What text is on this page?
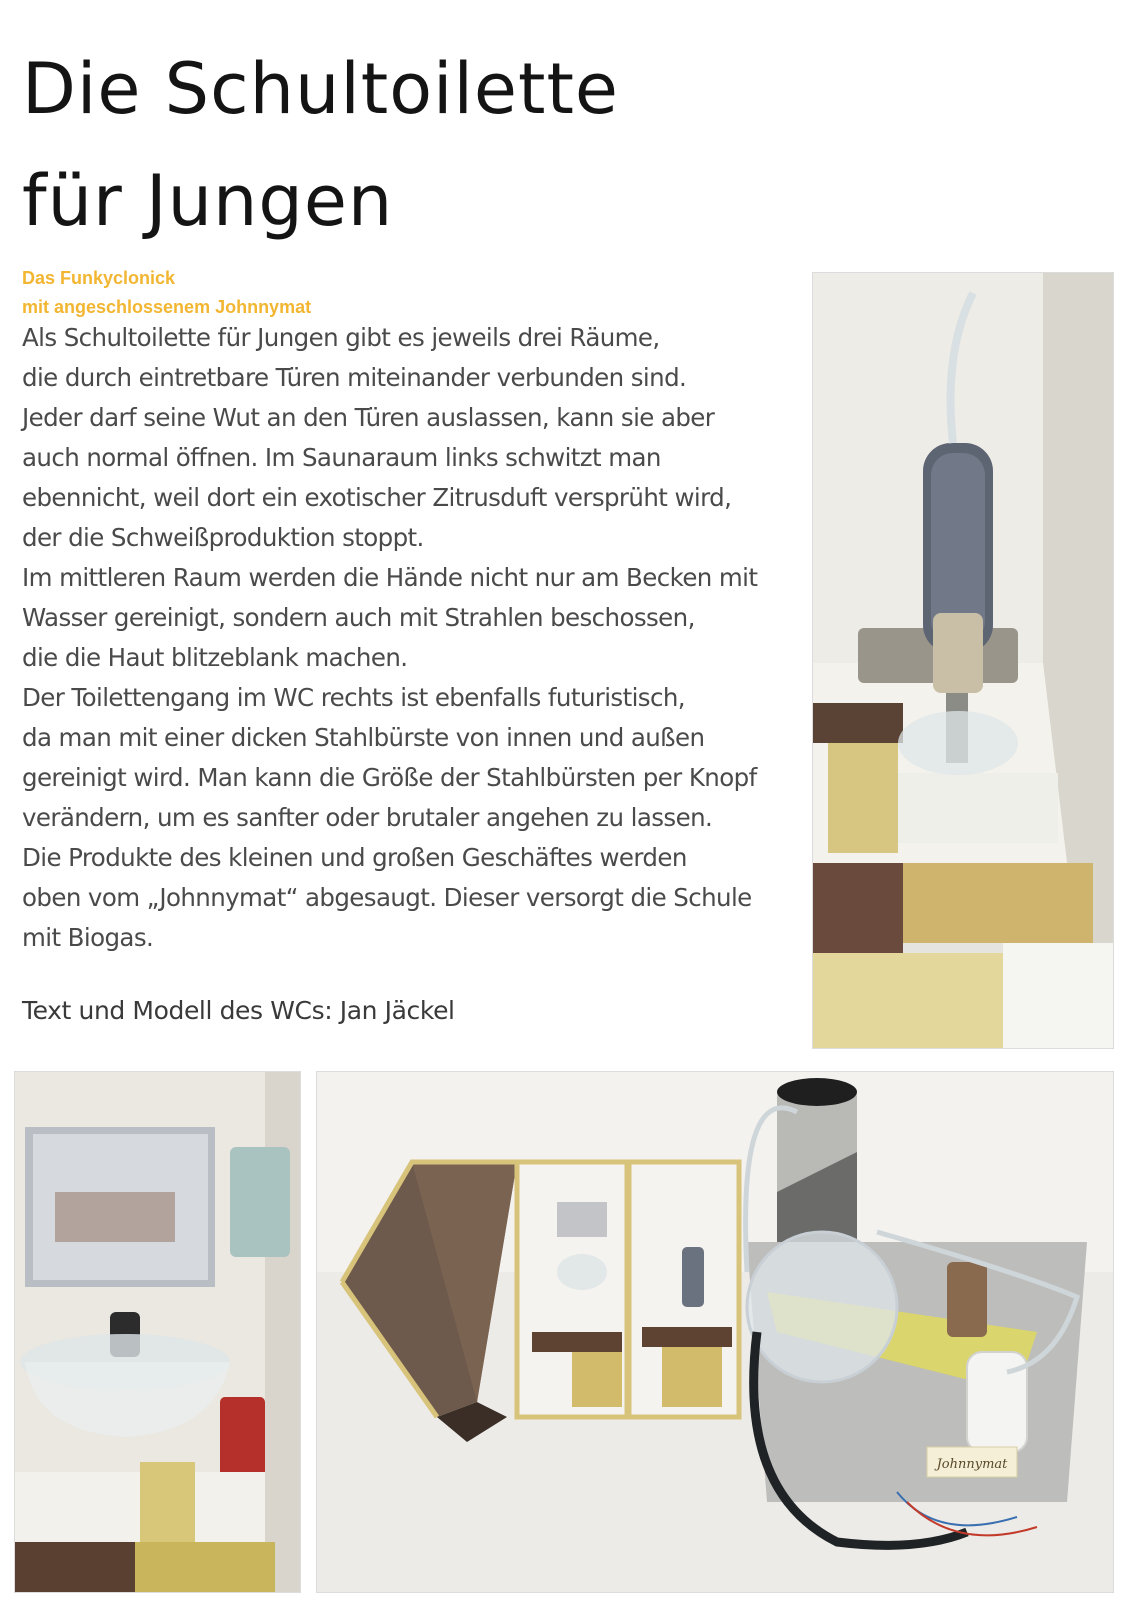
Die Schultoilette
für Jungen
Das Funkyclonick
mit angeschlossenem Johnnymat
Als Schultoilette für Jungen gibt es jeweils drei Räume,
die durch eintretbare Türen miteinander verbunden sind.
Jeder darf seine Wut an den Türen auslassen, kann sie aber
auch normal öffnen. Im Saunaraum links schwitzt man
ebennicht, weil dort ein exotischer Zitrusduft versprüht wird,
der die Schweißproduktion stoppt.
Im mittleren Raum werden die Hände nicht nur am Becken mit
Wasser gereinigt, sondern auch mit Strahlen beschossen,
die die Haut blitzeblank machen.
Der Toilettengang im WC rechts ist ebenfalls futuristisch,
da man mit einer dicken Stahlbürste von innen und außen
gereinigt wird. Man kann die Größe der Stahlbürsten per Knopf
verändern, um es sanfter oder brutaler angehen zu lassen.
Die Produkte des kleinen und großen Geschäftes werden
oben vom „Johnnymat“ abgesaugt. Dieser versorgt die Schule
mit Biogas.
Text und Modell des WCs: Jan Jäckel
Johnnymat
